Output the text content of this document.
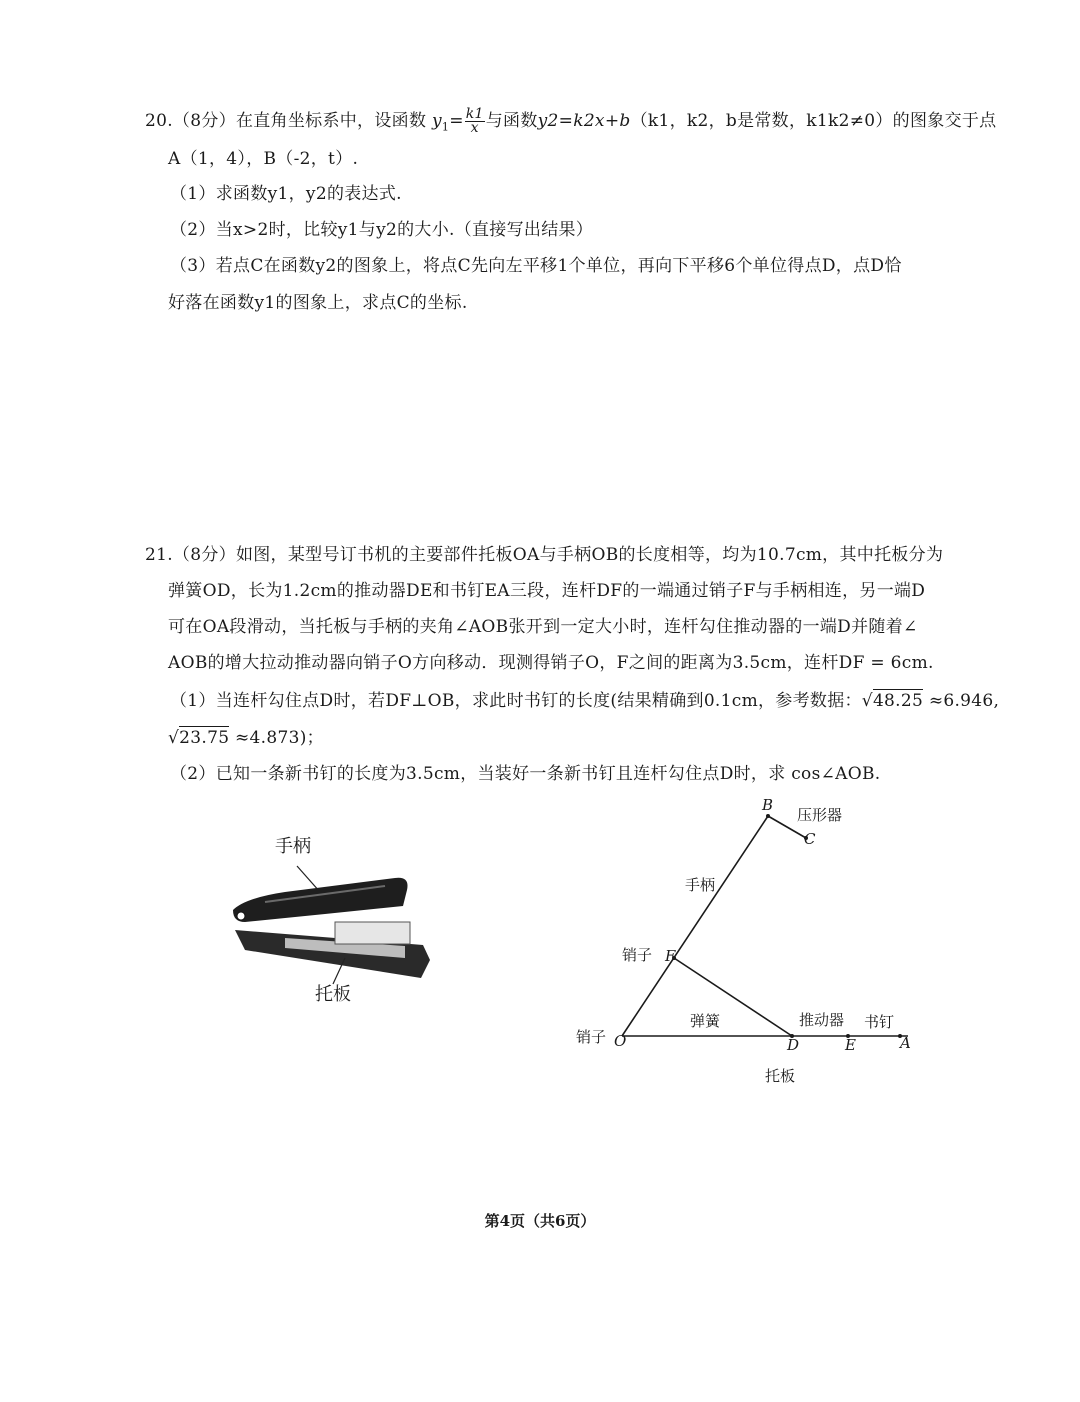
20.（8分）在直角坐标系中，设函数 $y_1= \frac{k1}{x}$ 与函数y2=k2x+b（k1，k2，b是常数，k1k2≠0）的图象交于点
A（1，4），B（-2，t）.
（1）求函数y1，y2的表达式.
（2）当x>2时，比较y1与y2的大小.（直接写出结果）
（3）若点C在函数y2的图象上，将点C先向左平移1个单位，再向下平移6个单位得点D，点D恰
好落在函数y1的图象上，求点C的坐标.
21.（8分）如图，某型号订书机的主要部件托板OA与手柄OB的长度相等，均为10.7cm，其中托板分为
弹簧OD，长为1.2cm的推动器DE和书钉EA三段，连杆DF的一端通过销子F与手柄相连，另一端D
可在OA段滑动，当托板与手柄的夹角∠AOB张开到一定大小时，连杆勾住推动器的一端D并随着∠
AOB的增大拉动推动器向销子O方向移动．现测得销子O，F之间的距离为3.5cm，连杆DF = 6cm.
（1）当连杆勾住点D时，若DF⊥OB，求此时书钉的长度(结果精确到0.1cm，参考数据：√48.25 ≈6.946,
√23.75 ≈4.873)；
（2）已知一条新书钉的长度为3.5cm，当装好一条新书钉且连杆勾住点D时，求 cos∠AOB.
手柄
托板
B
压形器
C
手柄
销子 F
弹簧	推动器 书钉
销子 O	D	E	A
托板
第4页（共6页）
